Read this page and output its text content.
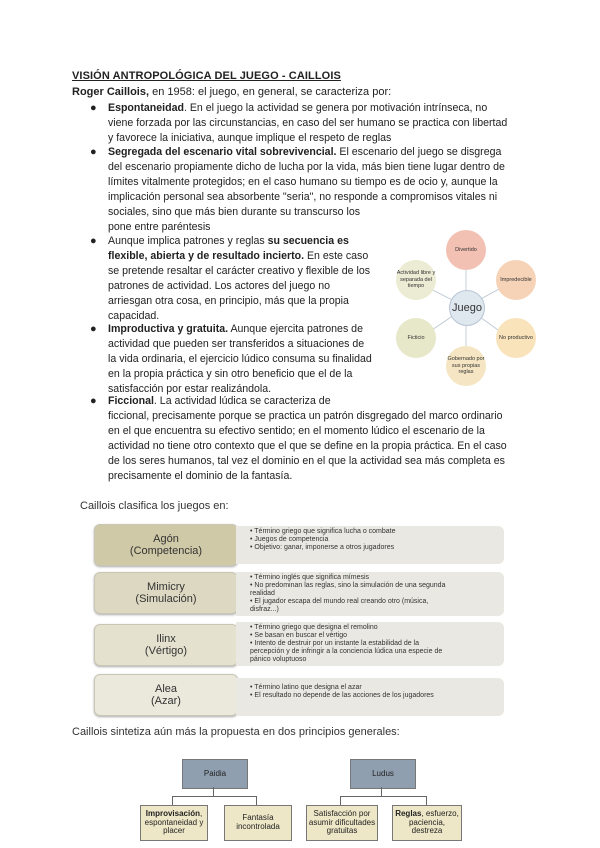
VISIÓN ANTROPOLÓGICA DEL JUEGO - CAILLOIS
Roger Caillois, en 1958: el juego, en general, se caracteriza por:
● Espontaneidad. En el juego la actividad se genera por motivación intrínseca, no
viene forzada por las circunstancias, en caso del ser humano se practica con libertad
y favorece la iniciativa, aunque implique el respeto de reglas
● Segregada del escenario vital sobrevivencial. El escenario del juego se disgrega
del escenario propiamente dicho de lucha por la vida, más bien tiene lugar dentro de
límites vitalmente protegidos; en el caso humano su tiempo es de ocio y, aunque la
implicación personal sea absorbente "seria", no responde a compromisos vitales ni
sociales, sino que más bien durante su transcurso los
pone entre paréntesis
● Aunque implica patrones y reglas su secuencia es
flexible, abierta y de resultado incierto. En este caso
se pretende resaltar el carácter creativo y flexible de los
patrones de actividad. Los actores del juego no
arriesgan otra cosa, en principio, más que la propia
capacidad.
● Improductiva y gratuita. Aunque ejercita patrones de
actividad que pueden ser transferidos a situaciones de
la vida ordinaria, el ejercicio lúdico consuma su finalidad
en la propia práctica y sin otro beneficio que el de la
satisfacción por estar realizándola.
● Ficcional. La actividad lúdica se caracteriza de
ficcional, precisamente porque se practica un patrón disgregado del marco ordinario
en el que encuentra su efectivo sentido; en el momento lúdico el escenario de la
actividad no tiene otro contexto que el que se define en la propia práctica. En el caso
de los seres humanos, tal vez el dominio en el que la actividad sea más completa es
precisamente el dominio de la fantasía.
Divertido
Impredecible
No productivo
Gobernado por sus propias reglas
Ficticio
Actividad libre y separada del tiempo
Juego
Caillois clasifica los juegos en:
Agón
(Competencia)
• Término griego que significa lucha o combate
• Juegos de competencia
• Objetivo: ganar, imponerse a otros jugadores
Mimicry
(Simulación)
• Término inglés que significa mímesis
• No predominan las reglas, sino la simulación de una segunda
realidad
• El jugador escapa del mundo real creando otro (música,
disfraz...)
Ilinx
(Vértigo)
• Término griego que designa el remolino
• Se basan en buscar el vértigo
• Intento de destruir por un instante la estabilidad de la
percepción y de infringir a la conciencia lúdica una especie de
pánico voluptuoso
Alea
(Azar)
• Término latino que designa el azar
• El resultado no depende de las acciones de los jugadores
Caillois sintetiza aún más la propuesta en dos principios generales:
Paidia	Ludus
Improvisación, espontaneidad y placer
Fantasía incontrolada
Satisfacción por asumir dificultades gratuitas
Reglas, esfuerzo, paciencia, destreza
